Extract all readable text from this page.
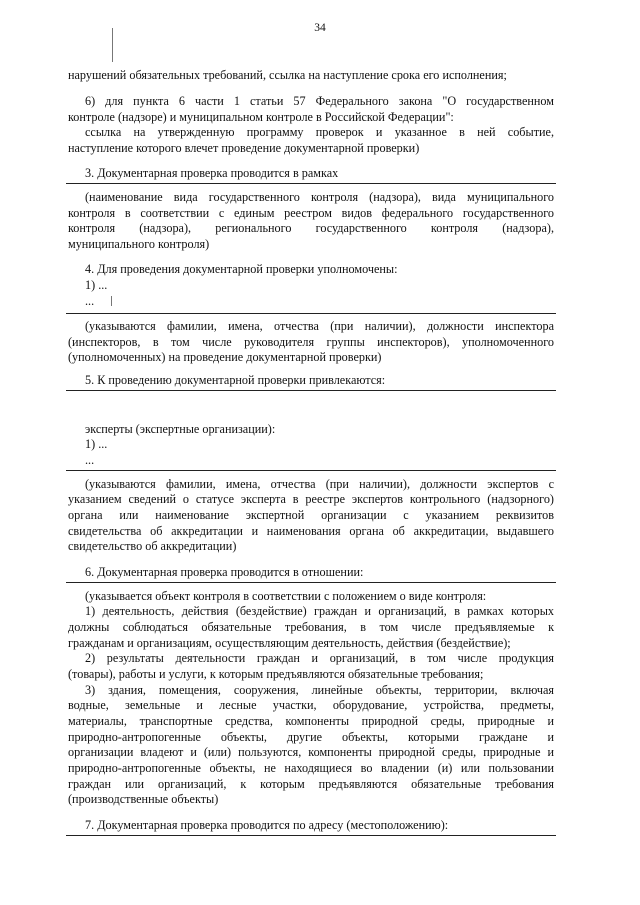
34

нарушений обязательных требований, ссылка на наступление срока его исполнения;

6) для пункта 6 части 1 статьи 57 Федерального закона "О государственном

контроле (надзоре) и муниципальном контроле в Российской Федерации":

ссылка на утвержденную программу проверок и указанное в ней событие,

наступление которого влечет проведение документарной проверки)

3. Документарная проверка проводится в рамках

(наименование вида государственного контроля (надзора), вида муниципального

контроля в соответствии с единым реестром видов федерального государственного

контроля (надзора), регионального государственного контроля (надзора),

муниципального контроля)

4. Для проведения документарной проверки уполномочены:

1) ...

...

(указываются фамилии, имена, отчества (при наличии), должности инспектора

(инспекторов, в том числе руководителя группы инспекторов), уполномоченного

(уполномоченных) на проведение документарной проверки)

5. К проведению документарной проверки привлекаются:

эксперты (экспертные организации):

1) ...

...

(указываются фамилии, имена, отчества (при наличии), должности экспертов с

указанием сведений о статусе эксперта в реестре экспертов контрольного (надзорного)

органа или наименование экспертной организации с указанием реквизитов

свидетельства об аккредитации и наименования органа об аккредитации, выдавшего

свидетельство об аккредитации)

6. Документарная проверка проводится в отношении:

(указывается объект контроля в соответствии с положением о виде контроля:

1) деятельность, действия (бездействие) граждан и организаций, в рамках которых

должны соблюдаться обязательные требования, в том числе предъявляемые к

гражданам и организациям, осуществляющим деятельность, действия (бездействие);

2) результаты деятельности граждан и организаций, в том числе продукция

(товары), работы и услуги, к которым предъявляются обязательные требования;

3) здания, помещения, сооружения, линейные объекты, территории, включая

водные, земельные и лесные участки, оборудование, устройства, предметы,

материалы, транспортные средства, компоненты природной среды, природные и

природно-антропогенные объекты, другие объекты, которыми граждане и

организации владеют и (или) пользуются, компоненты природной среды, природные и

природно-антропогенные объекты, не находящиеся во владении (и) или пользовании

граждан или организаций, к которым предъявляются обязательные требования

(производственные объекты)

7. Документарная проверка проводится по адресу (местоположению):
